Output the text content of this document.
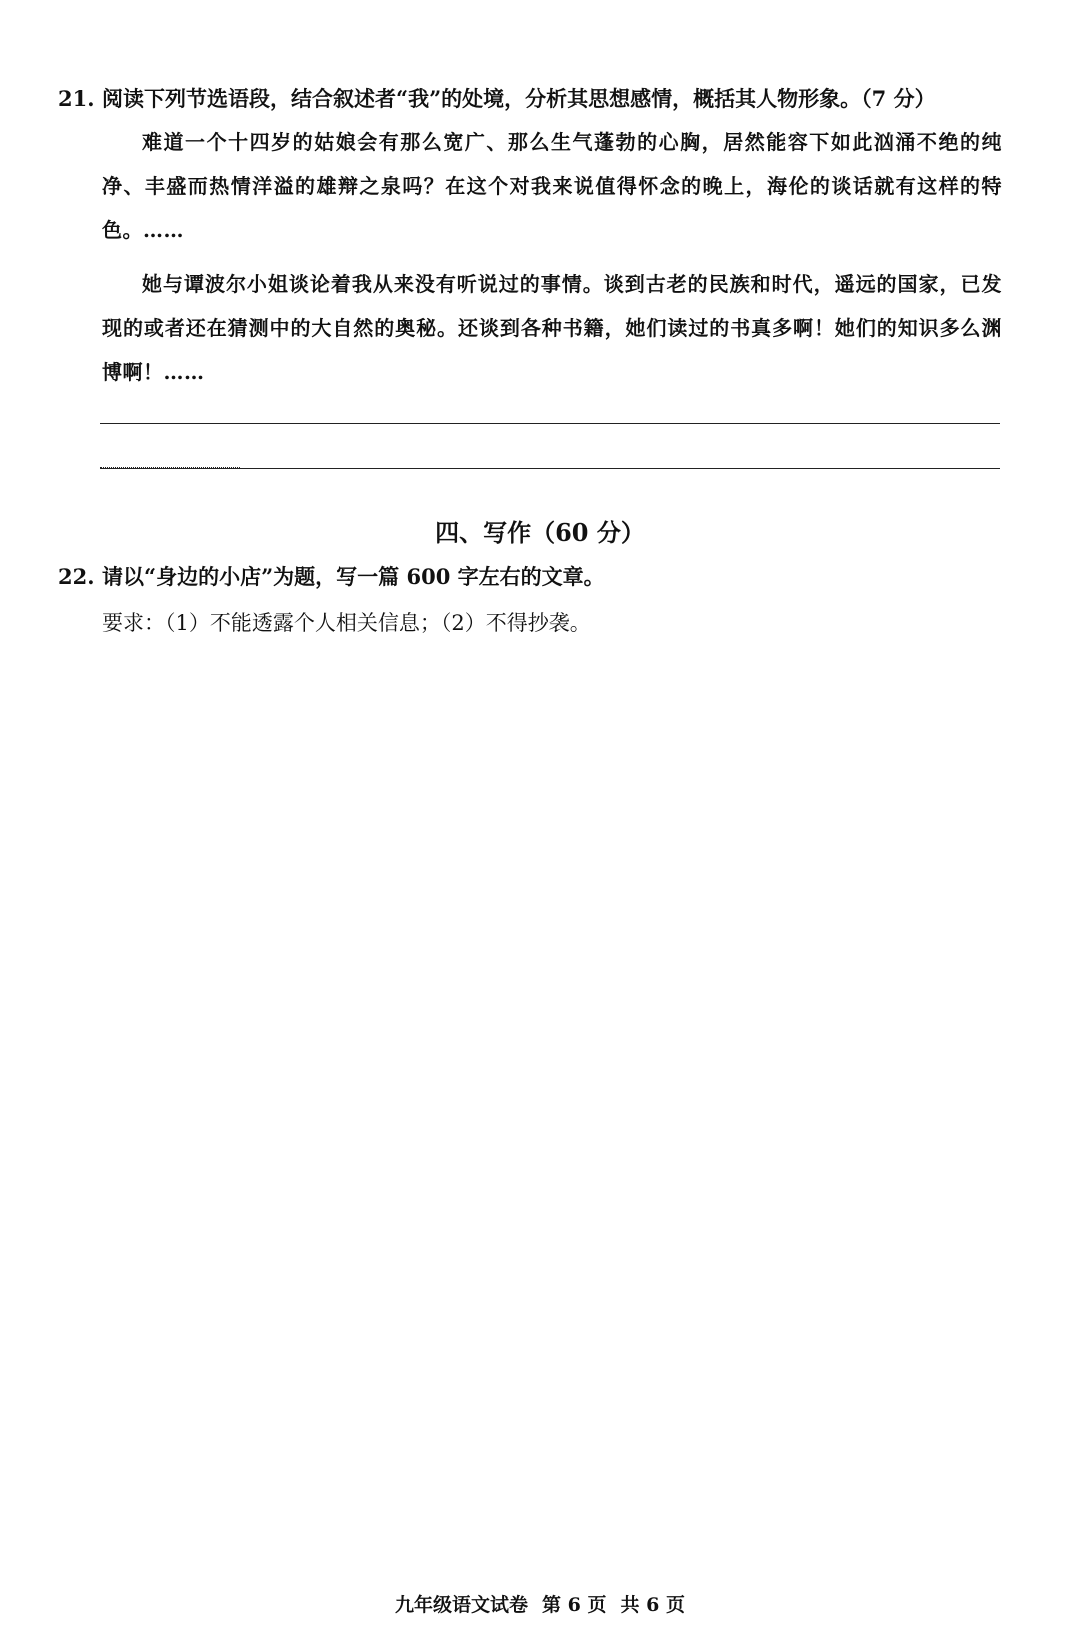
21. 阅读下列节选语段，结合叙述者“我”的处境，分析其思想感情，概括其人物形象。（7 分）

难道一个十四岁的姑娘会有那么宽广、那么生气蓬勃的心胸，居然能容下如此汹涌不绝的纯净、丰盛而热情洋溢的雄辩之泉吗？在这个对我来说值得怀念的晚上，海伦的谈话就有这样的特色。……

她与谭波尔小姐谈论着我从来没有听说过的事情。谈到古老的民族和时代，遥远的国家，已发现的或者还在猜测中的大自然的奥秘。还谈到各种书籍，她们读过的书真多啊！她们的知识多么渊博啊！……

四、写作（60 分）
22. 请以“身边的小店”为题，写一篇 600 字左右的文章。
要求：（1）不能透露个人相关信息；（2）不得抄袭。
九年级语文试卷 第 6 页 共 6 页
